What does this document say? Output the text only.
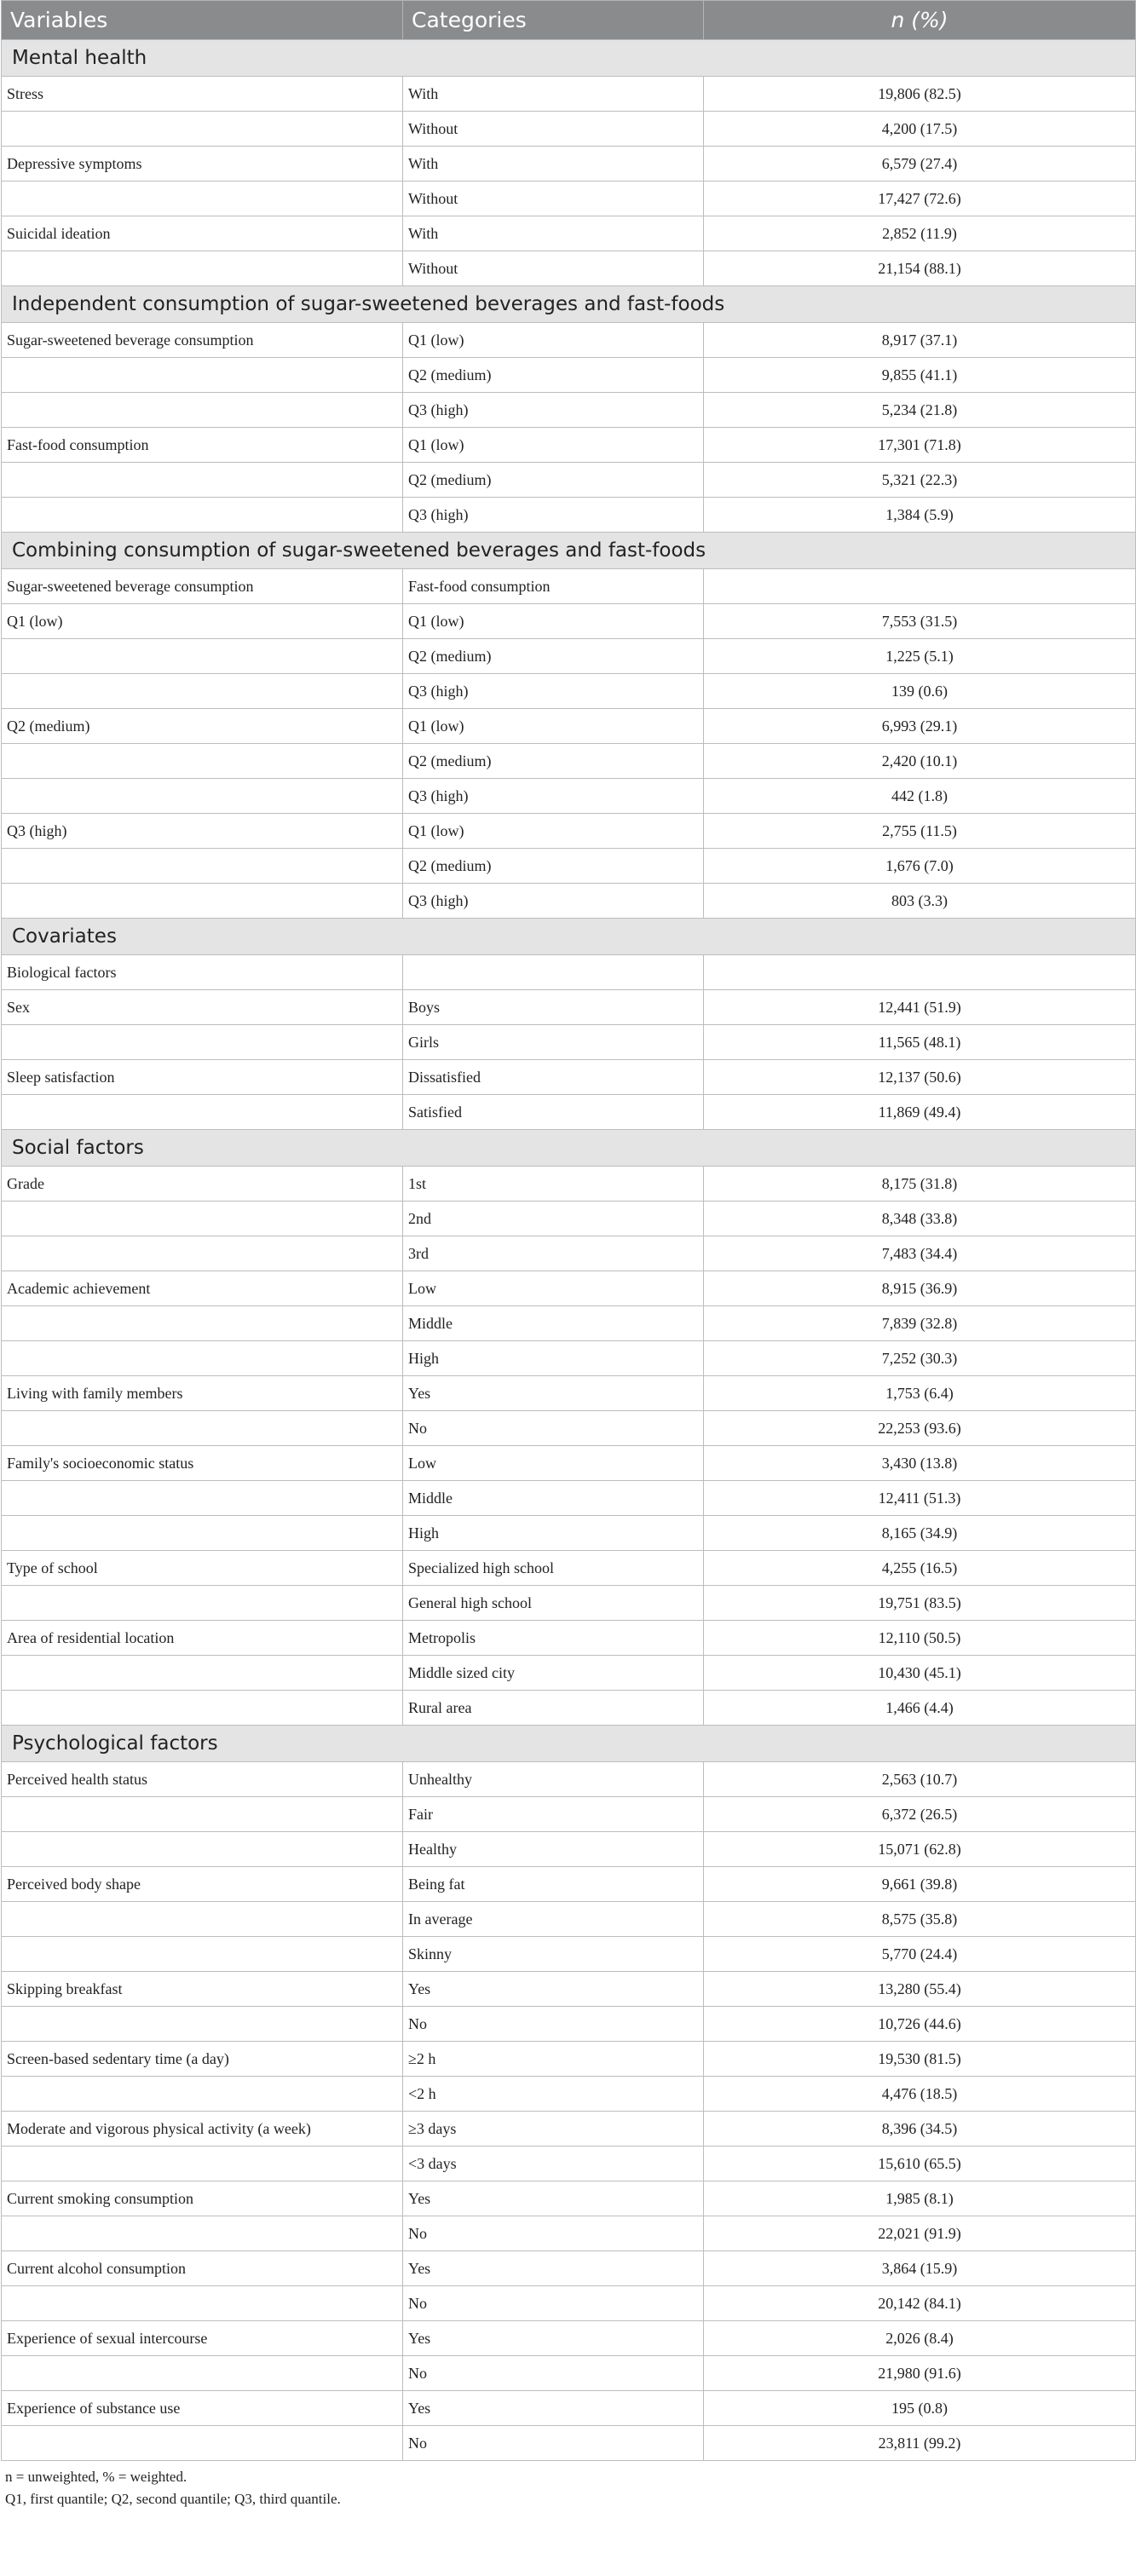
Variables	Categories	n (%)
Mental health		
Stress	With	19,806 (82.5)
	Without	4,200 (17.5)
Depressive symptoms	With	6,579 (27.4)
	Without	17,427 (72.6)
Suicidal ideation	With	2,852 (11.9)
	Without	21,154 (88.1)
Independent consumption of sugar-sweetened beverages and fast-foods		
Sugar-sweetened beverage consumption	Q1 (low)	8,917 (37.1)
	Q2 (medium)	9,855 (41.1)
	Q3 (high)	5,234 (21.8)
Fast-food consumption	Q1 (low)	17,301 (71.8)
	Q2 (medium)	5,321 (22.3)
	Q3 (high)	1,384 (5.9)
Combining consumption of sugar-sweetened beverages and fast-foods		
Sugar-sweetened beverage consumption	Fast-food consumption	
Q1 (low)	Q1 (low)	7,553 (31.5)
	Q2 (medium)	1,225 (5.1)
	Q3 (high)	139 (0.6)
Q2 (medium)	Q1 (low)	6,993 (29.1)
	Q2 (medium)	2,420 (10.1)
	Q3 (high)	442 (1.8)
Q3 (high)	Q1 (low)	2,755 (11.5)
	Q2 (medium)	1,676 (7.0)
	Q3 (high)	803 (3.3)
Covariates		
Biological factors		
Sex	Boys	12,441 (51.9)
	Girls	11,565 (48.1)
Sleep satisfaction	Dissatisfied	12,137 (50.6)
	Satisfied	11,869 (49.4)
Social factors		
Grade	1st	8,175 (31.8)
	2nd	8,348 (33.8)
	3rd	7,483 (34.4)
Academic achievement	Low	8,915 (36.9)
	Middle	7,839 (32.8)
	High	7,252 (30.3)
Living with family members	Yes	1,753 (6.4)
	No	22,253 (93.6)
Family's socioeconomic status	Low	3,430 (13.8)
	Middle	12,411 (51.3)
	High	8,165 (34.9)
Type of school	Specialized high school	4,255 (16.5)
	General high school	19,751 (83.5)
Area of residential location	Metropolis	12,110 (50.5)
	Middle sized city	10,430 (45.1)
	Rural area	1,466 (4.4)
Psychological factors		
Perceived health status	Unhealthy	2,563 (10.7)
	Fair	6,372 (26.5)
	Healthy	15,071 (62.8)
Perceived body shape	Being fat	9,661 (39.8)
	In average	8,575 (35.8)
	Skinny	5,770 (24.4)
Skipping breakfast	Yes	13,280 (55.4)
	No	10,726 (44.6)
Screen-based sedentary time (a day)	≥2 h	19,530 (81.5)
	<2 h	4,476 (18.5)
Moderate and vigorous physical activity (a week)	≥3 days	8,396 (34.5)
	<3 days	15,610 (65.5)
Current smoking consumption	Yes	1,985 (8.1)
	No	22,021 (91.9)
Current alcohol consumption	Yes	3,864 (15.9)
	No	20,142 (84.1)
Experience of sexual intercourse	Yes	2,026 (8.4)
	No	21,980 (91.6)
Experience of substance use	Yes	195 (0.8)
	No	23,811 (99.2)
n = unweighted, % = weighted.
Q1, first quantile; Q2, second quantile; Q3, third quantile.
